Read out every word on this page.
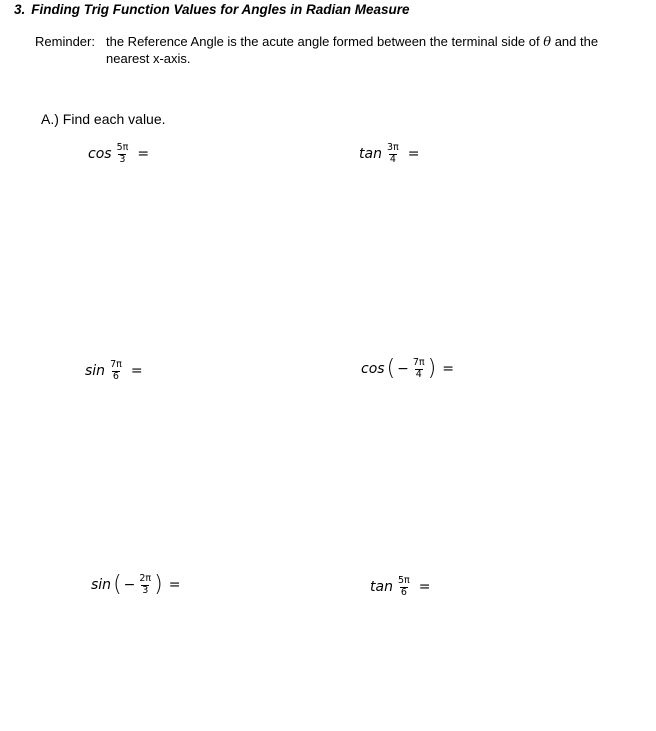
3. Finding Trig Function Values for Angles in Radian Measure
Reminder: the Reference Angle is the acute angle formed between the terminal side of θ and the
nearest x-axis.
A.) Find each value.
$\cos \frac{5\pi}{3}$ =	$\tan \frac{3\pi}{4}$ =
$\sin \frac{7\pi}{6}$ =	cos ( − $\frac{7\pi}{4}$ ) =
sin ( − $\frac{2\pi}{3}$ ) =	$\tan \frac{5\pi}{6}$ =
